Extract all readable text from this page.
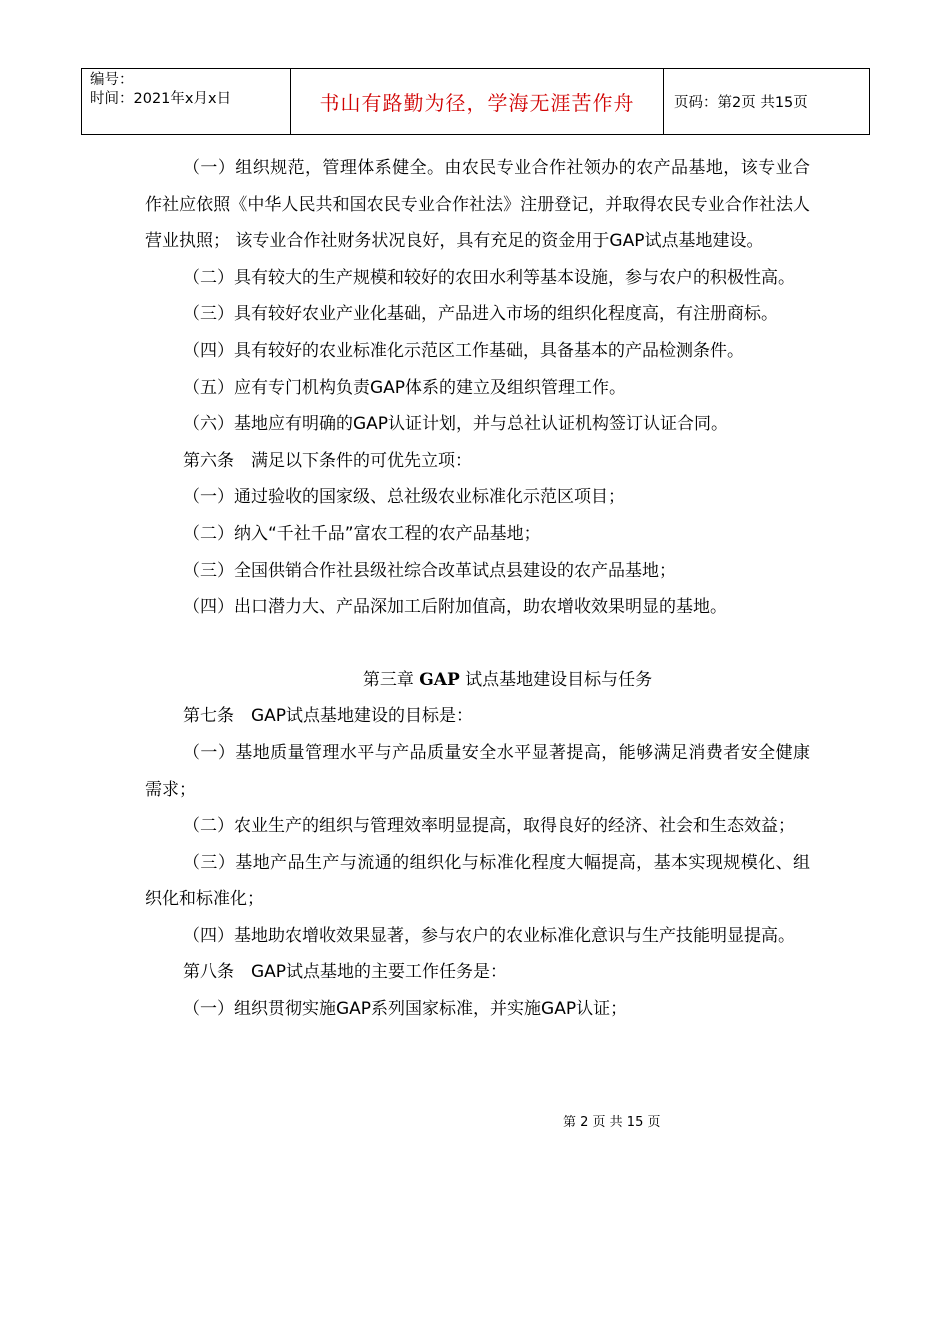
编号：
时间：2021年x月x日	书山有路勤为径，学海无涯苦作舟	页码：第2页 共15页

（一）组织规范，管理体系健全。由农民专业合作社领办的农产品基地，该专业合作社应依照《中华人民共和国农民专业合作社法》注册登记，并取得农民专业合作社法人营业执照； 该专业合作社财务状况良好，具有充足的资金用于GAP试点基地建设。

（二）具有较大的生产规模和较好的农田水利等基本设施，参与农户的积极性高。

（三）具有较好农业产业化基础，产品进入市场的组织化程度高，有注册商标。

（四）具有较好的农业标准化示范区工作基础，具备基本的产品检测条件。

（五）应有专门机构负责GAP体系的建立及组织管理工作。

（六）基地应有明确的GAP认证计划，并与总社认证机构签订认证合同。

第六条　满足以下条件的可优先立项：

（一）通过验收的国家级、总社级农业标准化示范区项目；

（二）纳入“千社千品”富农工程的农产品基地；

（三）全国供销合作社县级社综合改革试点县建设的农产品基地；

（四）出口潜力大、产品深加工后附加值高，助农增收效果明显的基地。

第三章 GAP 试点基地建设目标与任务

第七条　GAP试点基地建设的目标是：

（一）基地质量管理水平与产品质量安全水平显著提高，能够满足消费者安全健康需求；

（二）农业生产的组织与管理效率明显提高，取得良好的经济、社会和生态效益；

（三）基地产品生产与流通的组织化与标准化程度大幅提高，基本实现规模化、组织化和标准化；

（四）基地助农增收效果显著，参与农户的农业标准化意识与生产技能明显提高。

第八条　GAP试点基地的主要工作任务是：

（一）组织贯彻实施GAP系列国家标准，并实施GAP认证；

第 2 页 共 15 页
